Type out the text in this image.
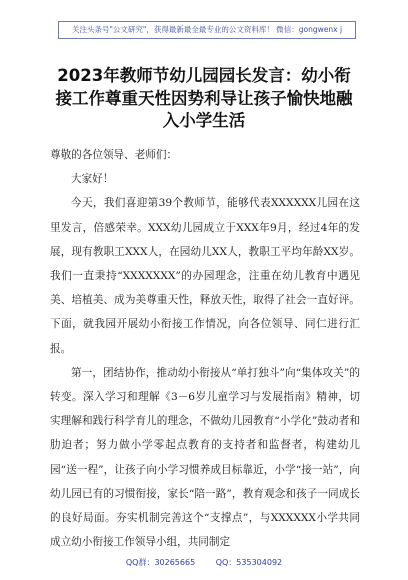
关注头条号"公文研究"，获得最新最全最专业的公文资料库！ 微信：gongwenx j
2023年教师节幼儿园园长发言：幼小衔
接工作尊重天性因势利导让孩子愉快地融
入小学生活

尊敬的各位领导、老师们：

大家好！

今天，我们喜迎第39个教师节，能够代表XXXXXX儿园在这里发言，倍感荣幸。XXX幼儿园成立于XXX年9月，经过4年的发展，现有教职工XXX人，在园幼儿XX人，教职工平均年龄XX岁。我们一直秉持“XXXXXXX”的办园理念，注重在幼儿教育中遇见美、培植美、成为美尊重天性，释放天性，取得了社会一直好评。下面，就我园开展幼小衔接工作情况，向各位领导、同仁进行汇报。

第一，团结协作，推动幼小衔接从“单打独斗”向“集体攻关”的转变。深入学习和理解《3－6岁儿童学习与发展指南》精神，切实理解和践行科学育儿的理念，不做幼儿园教育“小学化”鼓动者和肋迫者；努力做小学零起点教育的支持者和监督者，构建幼儿园“送一程”，让孩子向小学习惯养成目标靠近，小学“接一站”，向幼儿园已有的习惯衔接，家长“陪一路”，教育观念和孩子一同成长的良好局面。夯实机制完善这个“支撑点”，与XXXXXX小学共同成立幼小衔接工作领导小组，共同制定

QQ群：30265665	QQ：535304092
